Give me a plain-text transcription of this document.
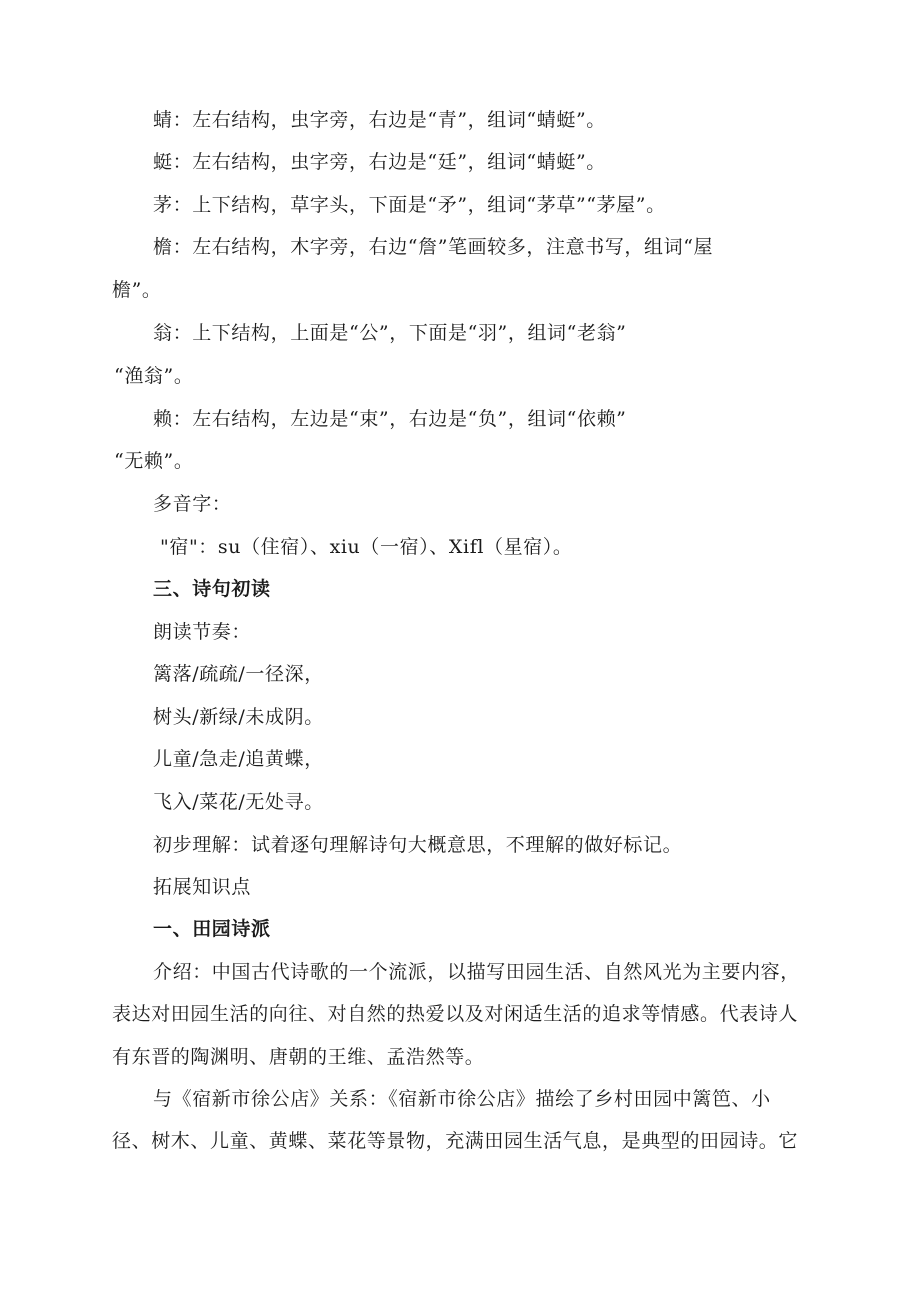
蜻：左右结构，虫字旁，右边是“青”，组词“蜻蜓”。
蜓：左右结构，虫字旁，右边是“廷”，组词“蜻蜓”。
茅：上下结构，草字头，下面是“矛”，组词“茅草”“茅屋”。
檐：左右结构，木字旁，右边“詹”笔画较多，注意书写，组词“屋
檐”。
翁：上下结构，上面是“公”，下面是“羽”，组词“老翁”
“渔翁”。
赖：左右结构，左边是“束”，右边是“负”，组词“依赖”
“无赖”。
多音字：
"宿"：su（住宿）、xiu（一宿）、Xifl（星宿）。
三、诗句初读
朗读节奏：
篱落/疏疏/一径深，
树头/新绿/未成阴。
儿童/急走/追黄蝶，
飞入/菜花/无处寻。
初步理解：试着逐句理解诗句大概意思，不理解的做好标记。
拓展知识点
一、田园诗派
介绍：中国古代诗歌的一个流派，以描写田园生活、自然风光为主要内容，
表达对田园生活的向往、对自然的热爱以及对闲适生活的追求等情感。代表诗人
有东晋的陶渊明、唐朝的王维、孟浩然等。
与《宿新市徐公店》关系：《宿新市徐公店》描绘了乡村田园中篱笆、小
径、树木、儿童、黄蝶、菜花等景物，充满田园生活气息，是典型的田园诗。它
